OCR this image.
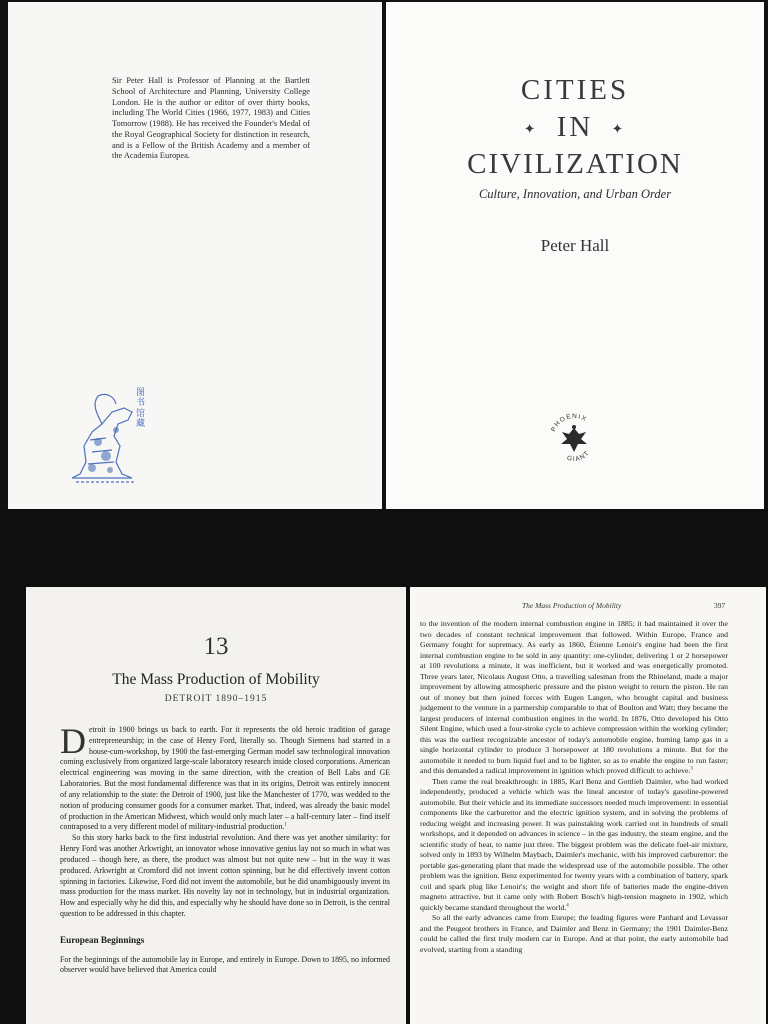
Sir Peter Hall is Professor of Planning at the Bartlett School of Architecture and Planning, University College London. He is the author or editor of over thirty books, including The World Cities (1966, 1977, 1983) and Cities Tomorrow (1988). He has received the Founder's Medal of the Royal Geographical Society for distinction in research, and is a Fellow of the British Academy and a member of the Academia Europea.
图书馆藏
CITIES
✦ IN ✦
CIVILIZATION
Culture, Innovation, and Urban Order
Peter Hall
PHOENIX
GIANT
13
The Mass Production of Mobility
DETROIT 1890–1915

Detroit in 1900 brings us back to earth. For it represents the old heroic tradition of garage entrepreneurship; in the case of Henry Ford, literally so. Though Siemens had started in a house-cum-workshop, by 1900 the fast-emerging German model saw technological innovation coming exclusively from organized large-scale laboratory research inside closed corporations. American electrical engineering was moving in the same direction, with the creation of Bell Labs and GE Laboratories. But the most fundamental difference was that in its origins, Detroit was entirely innocent of any relationship to the state: the Detroit of 1900, just like the Manchester of 1770, was wedded to the notion of producing consumer goods for a consumer market. That, indeed, was already the basic model of production in the American Midwest, which would only much later – a half-century later – find itself contraposed to a very different model of military-industrial production.$^1$

So this story harks back to the first industrial revolution. And there was yet another similarity: for Henry Ford was another Arkwright, an innovator whose innovative genius lay not so much in what was produced – though here, as there, the product was almost but not quite new – but in the way it was produced. Arkwright at Cromford did not invent cotton spinning, but he did effectively invent cotton spinning in factories. Likewise, Ford did not invent the automobile, but he did unambiguously invent its mass production for the mass market. His novelty lay not in technology, but in industrial organization. How and especially why he did this, and especially why he should have done so in Detroit, is the central question to be addressed in this chapter.

European Beginnings

For the beginnings of the automobile lay in Europe, and entirely in Europe. Down to 1895, no informed observer would have believed that America could

The Mass Production of Mobility	397

to the invention of the modern internal combustion engine in 1885; it had maintained it over the two decades of constant technical improvement that followed. Within Europe, France and Germany fought for supremacy. As early as 1860, Étienne Lenoir's engine had been the first internal combustion engine to be sold in any quantity: one-cylinder, delivering 1 or 2 horsepower at 100 revolutions a minute, it was inefficient, but it worked and was energetically promoted. Three years later, Nicolaus August Otto, a travelling salesman from the Rhineland, made a major improvement by allowing atmospheric pressure and the piston weight to return the piston. He ran out of money but then joined forces with Eugen Langen, who brought capital and business judgement to the venture in a partnership comparable to that of Boulton and Watt; they became the largest producers of internal combustion engines in the world. In 1876, Otto developed his Otto Silent Engine, which used a four-stroke cycle to achieve compression within the working cylinder; this was the earliest recognizable ancestor of today's automobile engine, burning lamp gas in a single horizontal cylinder to produce 3 horsepower at 180 revolutions a minute. But for the automobile it needed to burn liquid fuel and to be lighter, so as to enable the engine to run faster; and this demanded a radical improvement in ignition which proved difficult to achieve.$^3$

Then came the real breakthrough: in 1885, Karl Benz and Gottlieb Daimler, who had worked independently, produced a vehicle which was the lineal ancestor of today's gasoline-powered automobile. But their vehicle and its immediate successors needed much improvement: in essential components like the carburettor and the electric ignition system, and in solving the problems of reducing weight and increasing power. It was painstaking work carried out in hundreds of small workshops, and it depended on advances in science – in the gas industry, the steam engine, and the scientific study of heat, to name just three. The biggest problem was the delicate fuel-air mixture, solved only in 1893 by Wilhelm Maybach, Daimler's mechanic, with his improved carburettor: the portable gas-generating plant that made the widespread use of the automobile possible. The other problem was the ignition. Benz experimented for twenty years with a combination of battery, spark coil and spark plug like Lenoir's; the weight and short life of batteries made the engine-driven magneto attractive, but it came only with Robert Bosch's high-tension magneto in 1902, which quickly became standard throughout the world.$^4$

So all the early advances came from Europe; the leading figures were Panhard and Levassor and the Peugeot brothers in France, and Daimler and Benz in Germany; the 1901 Daimler-Benz could be called the first truly modern car in Europe. And at that point, the early automobile had evolved, starting from a standing
